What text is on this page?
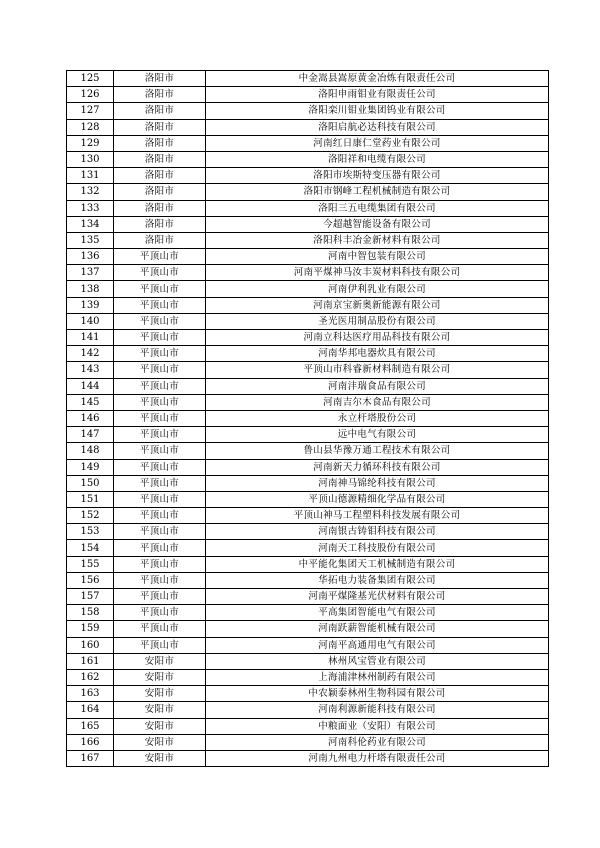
125	洛阳市	中金嵩县嵩原黄金冶炼有限责任公司
126	洛阳市	洛阳申雨钼业有限责任公司
127	洛阳市	洛阳栾川钼业集团钨业有限公司
128	洛阳市	洛阳启航必达科技有限公司
129	洛阳市	河南红日康仁堂药业有限公司
130	洛阳市	洛阳祥和电缆有限公司
131	洛阳市	洛阳市埃斯特变压器有限公司
132	洛阳市	洛阳市钢峰工程机械制造有限公司
133	洛阳市	洛阳三五电缆集团有限公司
134	洛阳市	今超越智能设备有限公司
135	洛阳市	洛阳科丰冶金新材料有限公司
136	平顶山市	河南中智包装有限公司
137	平顶山市	河南平煤神马汝丰炭材料科技有限公司
138	平顶山市	河南伊利乳业有限公司
139	平顶山市	河南京宝新奥新能源有限公司
140	平顶山市	圣光医用制品股份有限公司
141	平顶山市	河南立科达医疗用品科技有限公司
142	平顶山市	河南华邦电器炊具有限公司
143	平顶山市	平顶山市科睿新材料制造有限公司
144	平顶山市	河南沣瑞食品有限公司
145	平顶山市	河南吉尔木食品有限公司
146	平顶山市	永立杆塔股份公司
147	平顶山市	远中电气有限公司
148	平顶山市	鲁山县华豫万通工程技术有限公司
149	平顶山市	河南新天力循环科技有限公司
150	平顶山市	河南神马锦纶科技有限公司
151	平顶山市	平顶山德源精细化学品有限公司
152	平顶山市	平顶山神马工程塑料科技发展有限公司
153	平顶山市	河南银古铸钼科技有限公司
154	平顶山市	河南天工科技股份有限公司
155	平顶山市	中平能化集团天工机械制造有限公司
156	平顶山市	华拓电力装备集团有限公司
157	平顶山市	河南平煤隆基光伏材料有限公司
158	平顶山市	平高集团智能电气有限公司
159	平顶山市	河南跃薪智能机械有限公司
160	平顶山市	河南平高通用电气有限公司
161	安阳市	林州风宝管业有限公司
162	安阳市	上海浦津林州制药有限公司
163	安阳市	中农颖泰林州生物科园有限公司
164	安阳市	河南利源新能科技有限公司
165	安阳市	中粮面业（安阳）有限公司
166	安阳市	河南科伦药业有限公司
167	安阳市	河南九州电力杆塔有限责任公司
